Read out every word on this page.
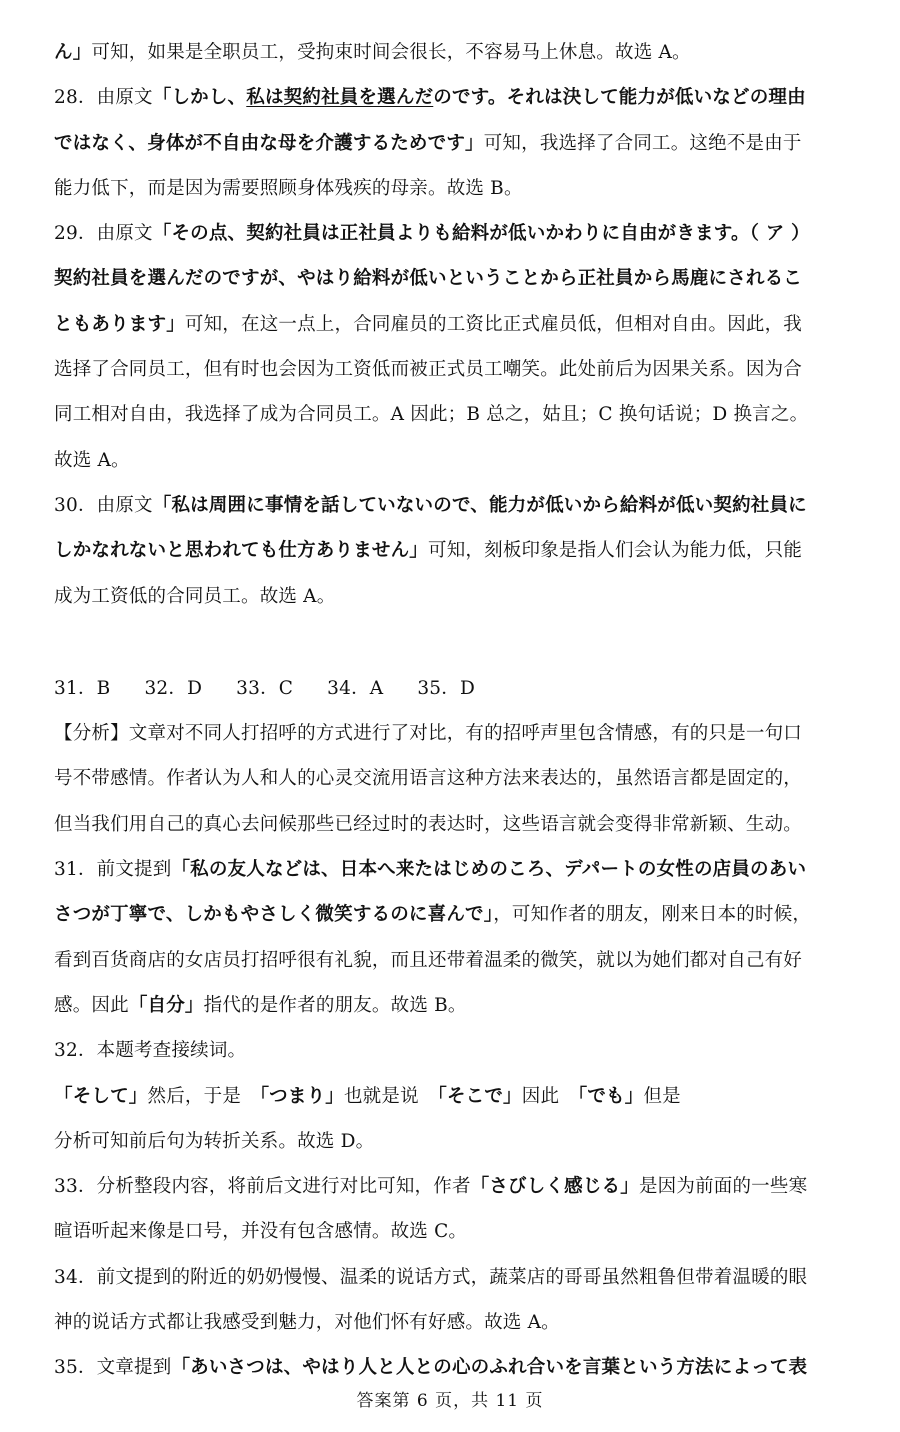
ん」可知，如果是全职员工，受拘束时间会很长，不容易马上休息。故选 A。
28．由原文「しかし、私は契約社員を選んだのです。それは決して能力が低いなどの理由
ではなく、身体が不自由な母を介護するためです」可知，我选择了合同工。这绝不是由于
能力低下，而是因为需要照顾身体残疾的母亲。故选 B。
29．由原文「その点、契約社員は正社員よりも給料が低いかわりに自由がきます。（ ア ）
契約社員を選んだのですが、やはり給料が低いということから正社員から馬鹿にされるこ
ともあります」可知，在这一点上，合同雇员的工资比正式雇员低，但相对自由。因此，我
选择了合同员工，但有时也会因为工资低而被正式员工嘲笑。此处前后为因果关系。因为合
同工相对自由，我选择了成为合同员工。A 因此；B 总之，姑且；C 换句话说；D 换言之。
故选 A。
30．由原文「私は周囲に事情を話していないので、能力が低いから給料が低い契約社員に
しかなれないと思われても仕方ありません」可知，刻板印象是指人们会认为能力低，只能
成为工资低的合同员工。故选 A。
31．B 32．D 33．C 34．A 35．D
【分析】文章对不同人打招呼的方式进行了对比，有的招呼声里包含情感，有的只是一句口
号不带感情。作者认为人和人的心灵交流用语言这种方法来表达的，虽然语言都是固定的，
但当我们用自己的真心去问候那些已经过时的表达时，这些语言就会变得非常新颖、生动。
31．前文提到「私の友人などは、日本へ来たはじめのころ、デパートの女性の店員のあい
さつが丁寧で、しかもやさしく微笑するのに喜んで」，可知作者的朋友，刚来日本的时候，
看到百货商店的女店员打招呼很有礼貌，而且还带着温柔的微笑，就以为她们都对自己有好
感。因此「自分」指代的是作者的朋友。故选 B。
32．本题考查接续词。
「そして」然后，于是　「つまり」也就是说　「そこで」因此　「でも」但是
分析可知前后句为转折关系。故选 D。
33．分析整段内容，将前后文进行对比可知，作者「さびしく感じる」是因为前面的一些寒
暄语听起来像是口号，并没有包含感情。故选 C。
34．前文提到的附近的奶奶慢慢、温柔的说话方式，蔬菜店的哥哥虽然粗鲁但带着温暖的眼
神的说话方式都让我感受到魅力，对他们怀有好感。故选 A。
35．文章提到「あいさつは、やはり人と人との心のふれ合いを言葉という方法によって表
答案第 6 页，共 11 页
